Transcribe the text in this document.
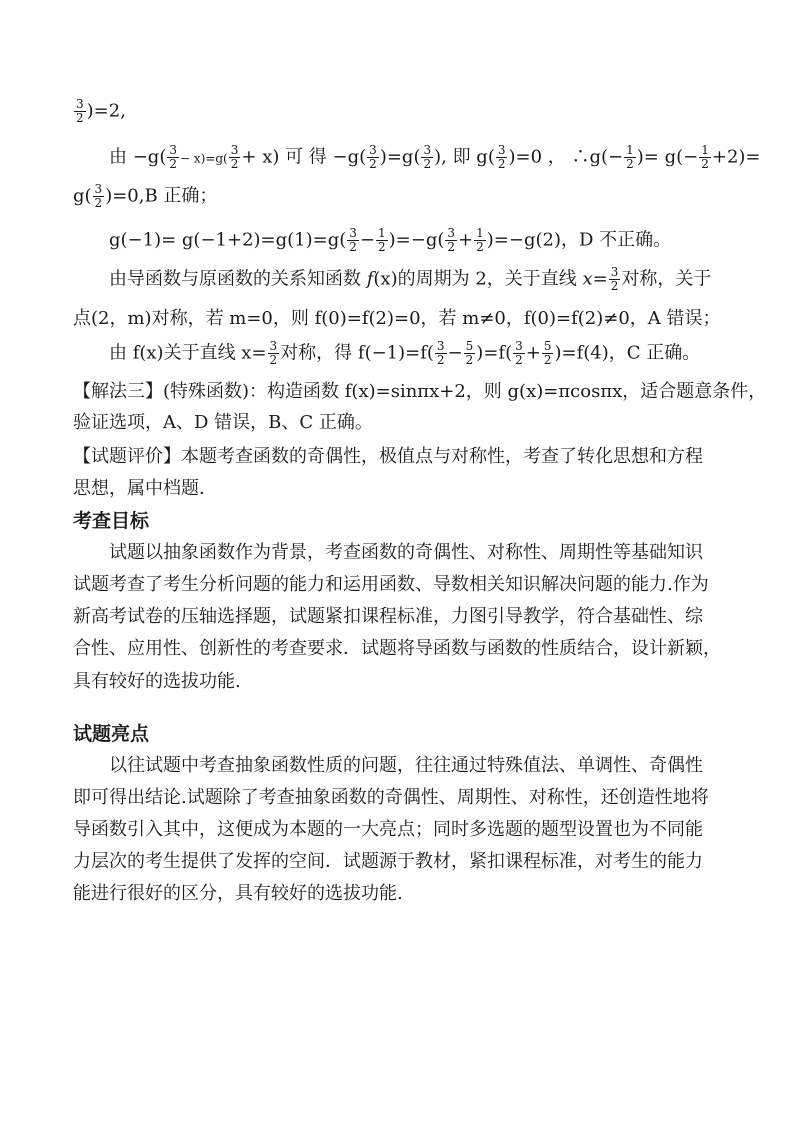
$\frac{3}{2} )=2$,
由 $-g( \frac{3}{2} - x)=g( \frac{3}{2} + x)$ 可 得 $-g( \frac{3}{2} )=g( \frac{3}{2}$ ), 即 $g( \frac{3}{2} )=0$ ， ∴g(− $\frac{1}{2}$ )= $g(- \frac{1}{2} +2)=$
$g( \frac{3}{2} )=0,B$ 正确；
$g(-1)= g(-1+2)=g(1)=g( \frac{3}{2} - \frac{1}{2} )=-g( \frac{3}{2} + \frac{1}{2} )=-g(2)$，D 不正确。
由导函数与原函数的关系知函数 f(x)的周期为 2，关于直线 $x= \frac{3}{2}$ 对称，关于
点(2，m)对称，若 m=0，则 f(0)=f(2)=0，若 m≠0，f(0)=f(2)≠0，A 错误；
由 f(x)关于直线 $x= \frac{3}{2}$ 对称，得 $f(-1)=f( \frac{3}{2} - \frac{5}{2} )=f( \frac{3}{2} + \frac{5}{2} )=f(4)$，C 正确。
【解法三】(特殊函数)：构造函数 f(x)=sinπx+2，则 g(x)=πcosπx，适合题意条件，
验证选项，A、D 错误，B、C 正确。
【试题评价】本题考查函数的奇偶性，极值点与对称性，考查了转化思想和方程
思想，属中档题．
考查目标
试题以抽象函数作为背景，考查函数的奇偶性、对称性、周期性等基础知识
试题考查了考生分析问题的能力和运用函数、导数相关知识解决问题的能力.作为
新高考试卷的压轴选择题，试题紧扣课程标准，力图引导教学，符合基础性、综
合性、应用性、创新性的考查要求．试题将导函数与函数的性质结合，设计新颖，
具有较好的选拔功能.
试题亮点
以往试题中考查抽象函数性质的问题，往往通过特殊值法、单调性、奇偶性
即可得出结论.试题除了考查抽象函数的奇偶性、周期性、对称性，还创造性地将
导函数引入其中，这便成为本题的一大亮点；同时多选题的题型设置也为不同能
力层次的考生提供了发挥的空间．试题源于教材，紧扣课程标准，对考生的能力
能进行很好的区分，具有较好的选拔功能.
